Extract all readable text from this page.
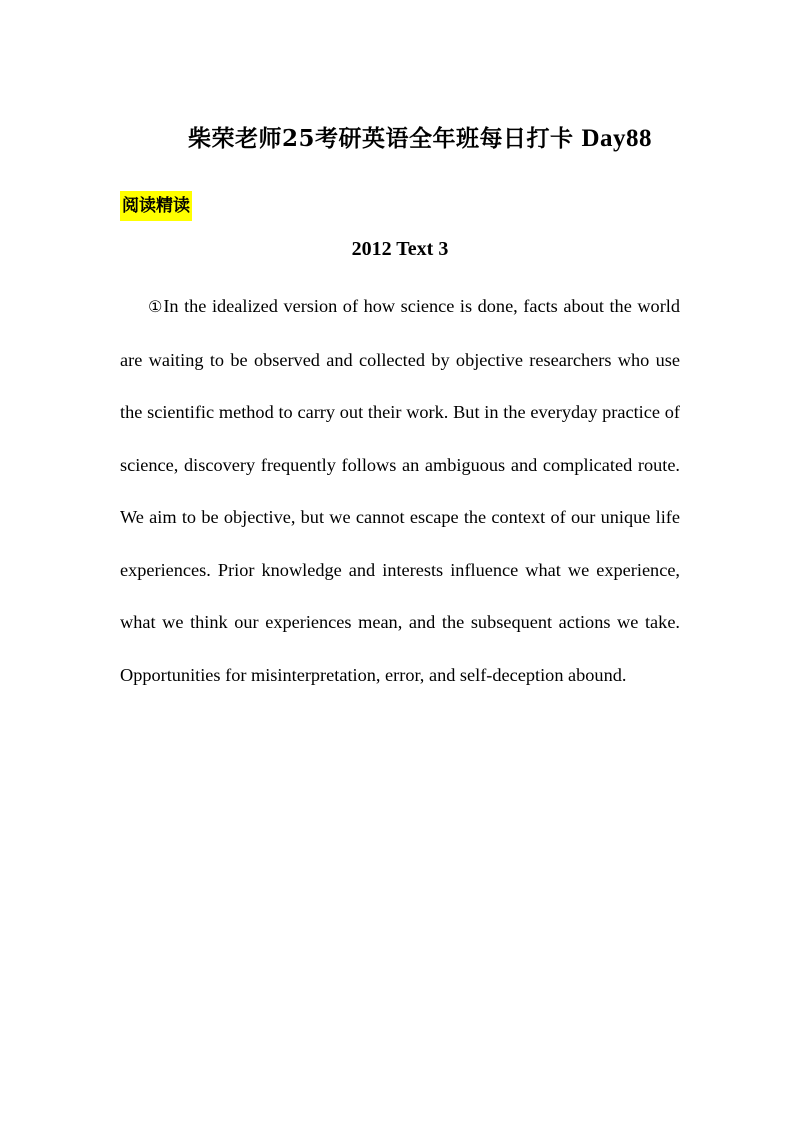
柴荣老师25考研英语全年班每日打卡 Day88
阅读精读
2012 Text 3

①In the idealized version of how science is done, facts about the world are waiting to be observed and collected by objective researchers who use the scientific method to carry out their work. But in the everyday practice of science, discovery frequently follows an ambiguous and complicated route. We aim to be objective, but we cannot escape the context of our unique life experiences. Prior knowledge and interests influence what we experience, what we think our experiences mean, and the subsequent actions we take. Opportunities for misinterpretation, error, and self-deception abound.
